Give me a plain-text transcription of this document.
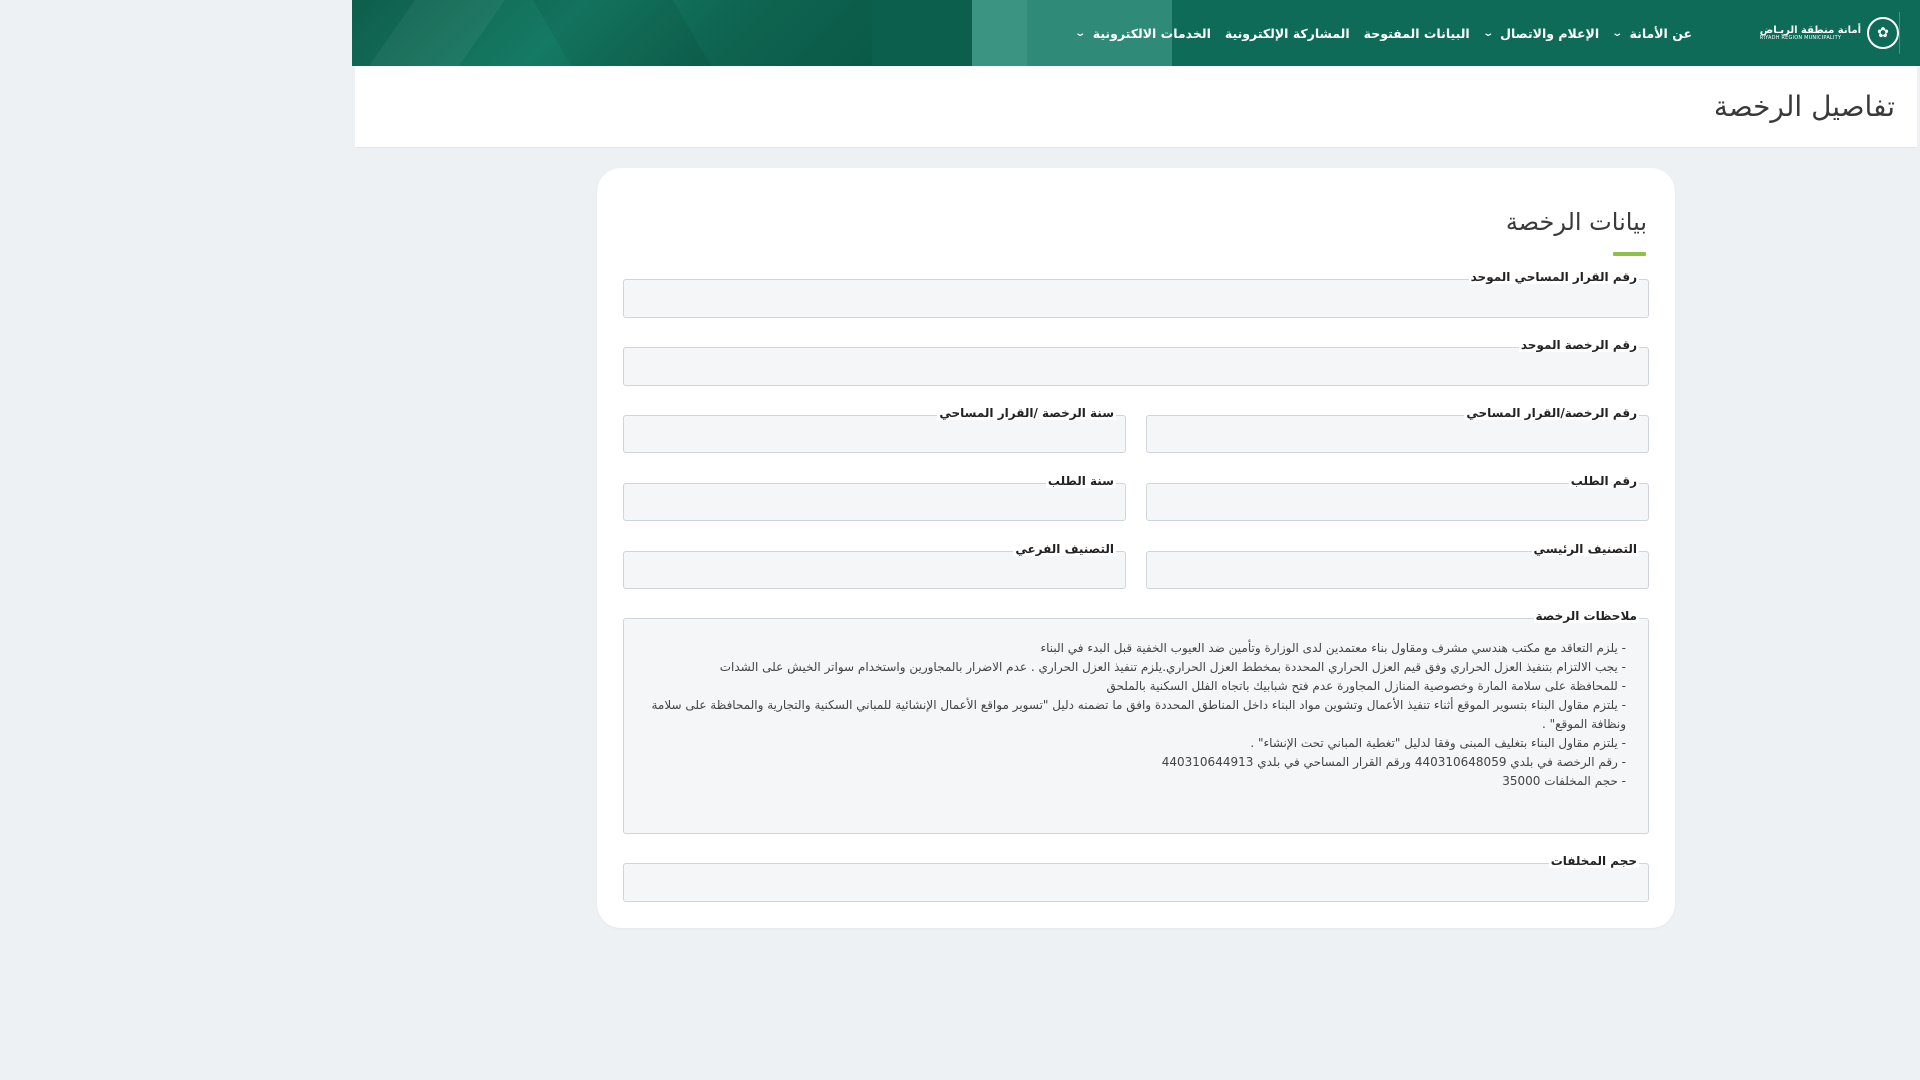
✿
أمانة منطقة الريـاض
RIYADH REGION MUNICIPALITY
عن الأمانة
⌄
الإعلام والاتصال
⌄
البيانات المفتوحة
المشاركة الإلكترونية
الخدمات الالكترونية
⌄
تفاصيل الرخصة
بيانات الرخصة
رقم القرار المساحي الموحد
رقم الرخصة الموحد
رقم الرخصة/القرار المساحي
سنة الرخصة /القرار المساحي
رقم الطلب
سنة الطلب
التصنيف الرئيسي
التصنيف الفرعي

- يلزم التعاقد مع مكتب هندسي مشرف ومقاول بناء معتمدين لدى الوزارة وتأمين ضد العيوب الخفية قبل البدء في البناء

- يجب الالتزام بتنفيذ العزل الحراري وفق قيم العزل الحراري المحددة بمخطط العزل الحراري.يلزم تنفيذ العزل الحراري . عدم الاضرار بالمجاورين واستخدام سواتر الخيش على الشدات

- للمحافظة على سلامة المارة وخصوصية المنازل المجاورة عدم فتح شبابيك باتجاه الفلل السكنية بالملحق

- يلتزم مقاول البناء بتسوير الموقع أثناء تنفيذ الأعمال وتشوين مواد البناء داخل المناطق المحددة وافق ما تضمنه دليل "تسوير مواقع الأعمال الإنشائية للمباني السكنية والتجارية والمحافظة على سلامة ونظافة الموقع" .

- يلتزم مقاول البناء بتغليف المبنى وفقا لدليل "تغطية المباني تحت الإنشاء" .

- رقم الرخصة في بلدي 440310648059 ورقم القرار المساحي في بلدي 440310644913

- حجم المخلفات 35000

ملاحظات الرخصة
حجم المخلفات
